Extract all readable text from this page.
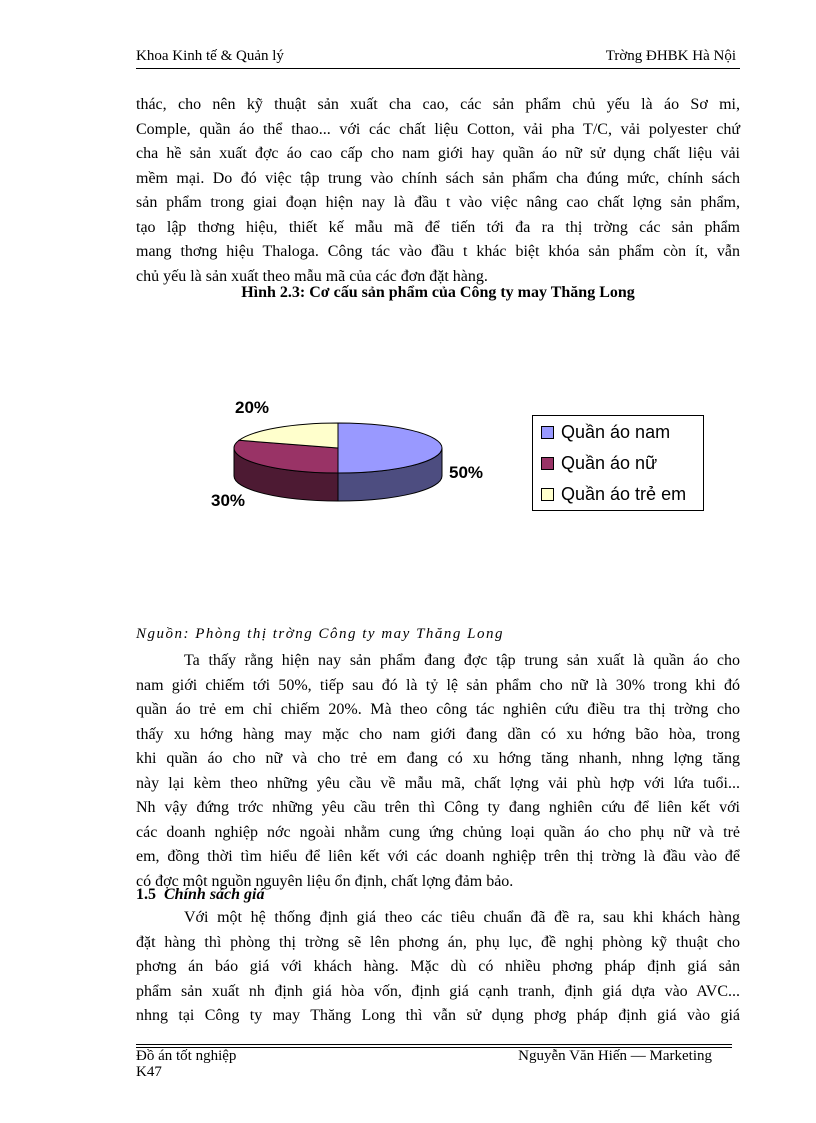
Khoa Kinh tế & Quản lý	Trờng ĐHBK Hà Nội
thác, cho nên kỹ thuật sản xuất cha cao, các sản phẩm chủ yếu là áo Sơ mi,
Comple, quần áo thể thao... với các chất liệu Cotton, vải pha T/C, vải polyester chứ
cha hề sản xuất đợc áo cao cấp cho nam giới hay quần áo nữ sử dụng chất liệu vải
mềm mại. Do đó việc tập trung vào chính sách sản phẩm cha đúng mức, chính sách
sản phẩm trong giai đoạn hiện nay là đầu t vào việc nâng cao chất lợng sản phẩm,
tạo lập thơng hiệu, thiết kế mẫu mã để tiến tới đa ra thị trờng các sản phẩm
mang thơng hiệu Thaloga. Công tác vào đầu t khác biệt khóa sản phẩm còn ít, vẫn
chủ yếu là sản xuất theo mẫu mã của các đơn đặt hàng.
Hình 2.3: Cơ cấu sản phẩm của Công ty may Thăng Long
50%
30%
20%
Quần áo nam
Quần áo nữ
Quần áo trẻ em
Nguồn: Phòng thị trờng Công ty may Thăng Long
Ta thấy rằng hiện nay sản phẩm đang đợc tập trung sản xuất là quần áo cho
nam giới chiếm tới 50%, tiếp sau đó là tỷ lệ sản phẩm cho nữ là 30% trong khi đó
quần áo trẻ em chỉ chiếm 20%. Mà theo công tác nghiên cứu điều tra thị trờng cho
thấy xu hớng hàng may mặc cho nam giới đang dần có xu hớng bão hòa, trong
khi quần áo cho nữ và cho trẻ em đang có xu hớng tăng nhanh, nhng lợng tăng
này lại kèm theo những yêu cầu về mẫu mã, chất lợng vải phù hợp với lứa tuổi...
Nh vậy đứng trớc những yêu cầu trên thì Công ty đang nghiên cứu để liên kết với
các doanh nghiệp nớc ngoài nhằm cung ứng chủng loại quần áo cho phụ nữ và trẻ
em, đồng thời tìm hiểu để liên kết với các doanh nghiệp trên thị trờng là đầu vào để
có đợc một nguồn nguyên liệu ổn định, chất lợng đảm bảo.
1.5 Chính sách giá
Với một hệ thống định giá theo các tiêu chuẩn đã đề ra, sau khi khách hàng
đặt hàng thì phòng thị trờng sẽ lên phơng án, phụ lục, đề nghị phòng kỹ thuật cho
phơng án báo giá với khách hàng. Mặc dù có nhiều phơng pháp định giá sản
phẩm sản xuất nh định giá hòa vốn, định giá cạnh tranh, định giá dựa vào AVC...
nhng tại Công ty may Thăng Long thì vẫn sử dụng phơg pháp định giá vào giá
Đồ án tốt nghiệp
K47
Nguyễn Văn Hiến — Marketing
